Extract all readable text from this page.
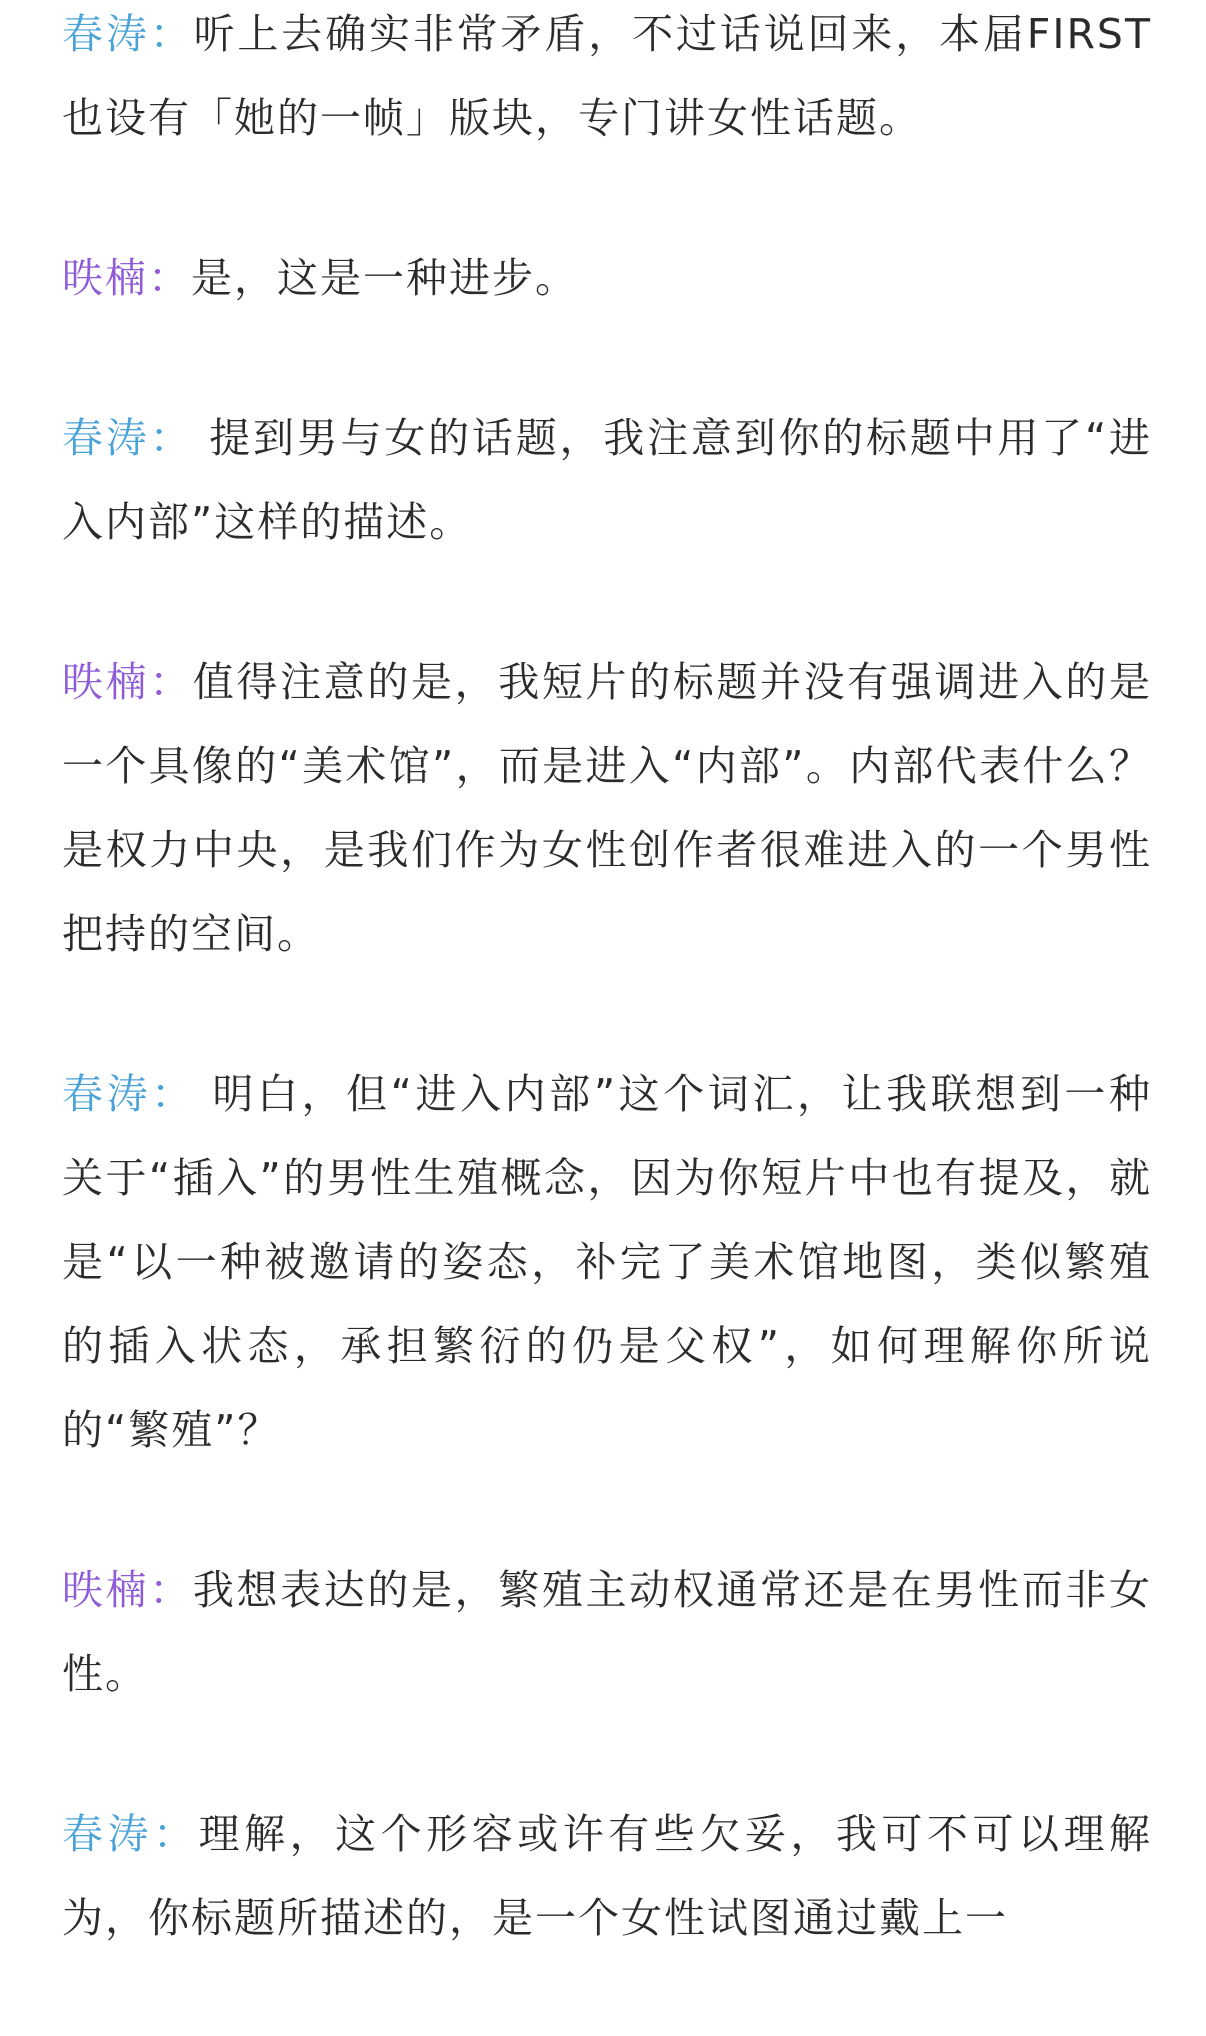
春涛：听上去确实非常矛盾，不过话说回来，本届FIRST也设有「她的一帧」版块，专门讲女性话题。

昳楠：是，这是一种进步。

春涛： 提到男与女的话题，我注意到你的标题中用了“进入内部”这样的描述。

昳楠：值得注意的是，我短片的标题并没有强调进入的是一个具像的“美术馆”，而是进入“内部”。内部代表什么？是权力中央，是我们作为女性创作者很难进入的一个男性把持的空间。

春涛： 明白，但“进入内部”这个词汇，让我联想到一种关于“插入”的男性生殖概念，因为你短片中也有提及，就是“以一种被邀请的姿态，补完了美术馆地图，类似繁殖的插入状态，承担繁衍的仍是父权”，如何理解你所说的“繁殖”？

昳楠：我想表达的是，繁殖主动权通常还是在男性而非女性。

春涛：理解，这个形容或许有些欠妥，我可不可以理解为，你标题所描述的，是一个女性试图通过戴上一
